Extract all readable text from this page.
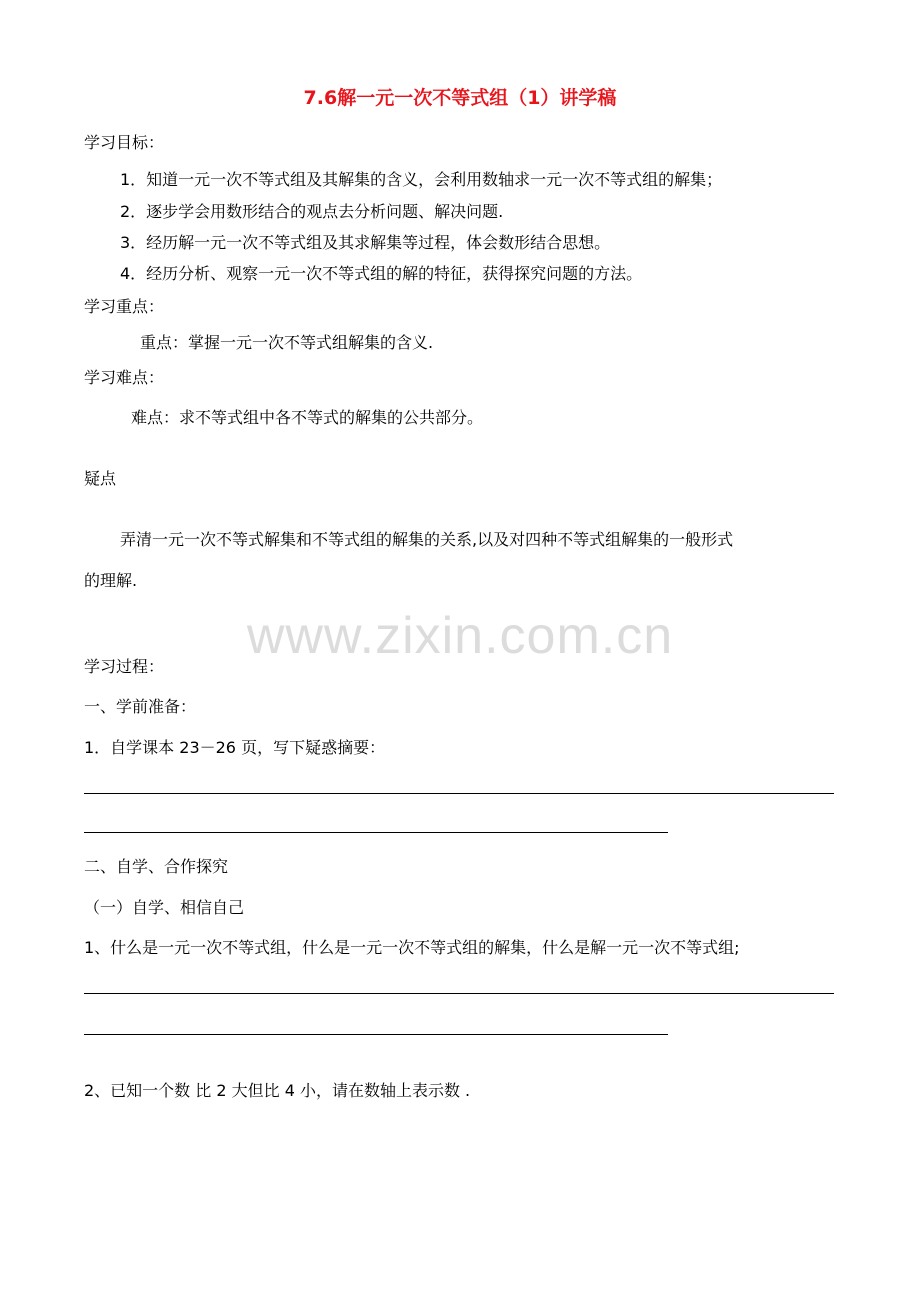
7.6解一元一次不等式组（1）讲学稿
学习目标：
1．知道一元一次不等式组及其解集的含义，会利用数轴求一元一次不等式组的解集；
2．逐步学会用数形结合的观点去分析问题、解决问题.
3．经历解一元一次不等式组及其求解集等过程，体会数形结合思想。
4．经历分析、观察一元一次不等式组的解的特征，获得探究问题的方法。
学习重点：
重点：掌握一元一次不等式组解集的含义.
学习难点：
难点：求不等式组中各不等式的解集的公共部分。
疑点
弄清一元一次不等式解集和不等式组的解集的关系,以及对四种不等式组解集的一般形式
的理解.
www.zixin.com.cn
学习过程：
一、学前准备：
1．自学课本 23－26 页，写下疑惑摘要：
二、自学、合作探究
（一）自学、相信自己
1、什么是一元一次不等式组，什么是一元一次不等式组的解集，什么是解一元一次不等式组;
2、已知一个数 比 2 大但比 4 小，请在数轴上表示数 .
